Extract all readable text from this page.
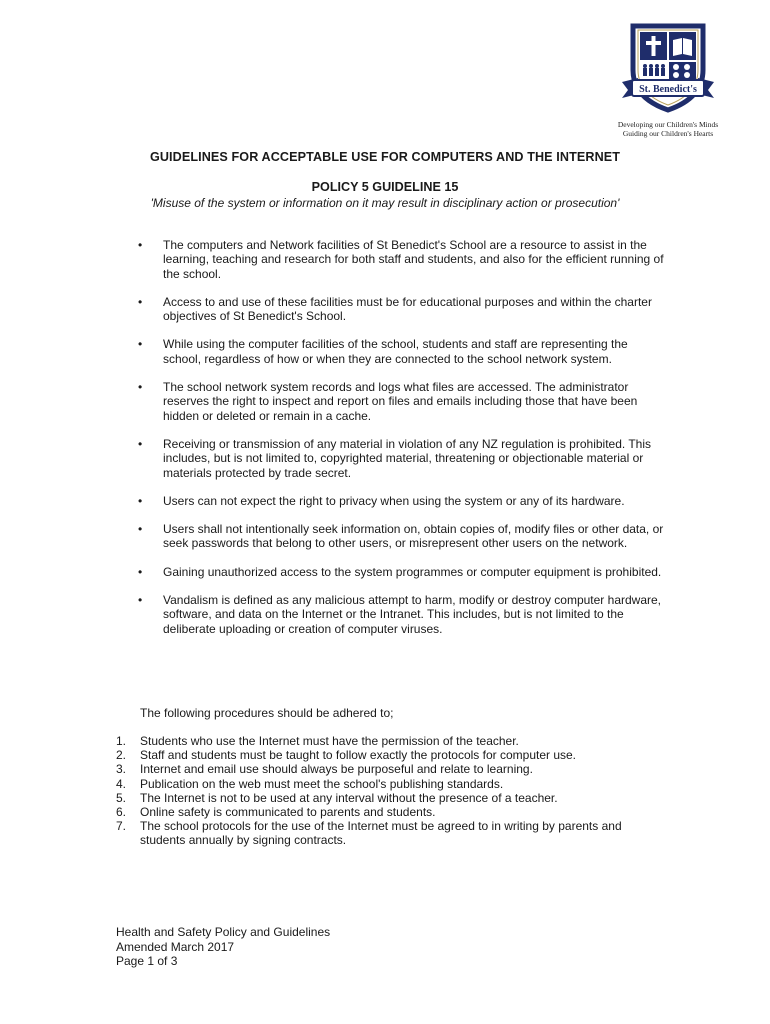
St. Benedict's
Developing our Children's Minds
Guiding our Children's Hearts
GUIDELINES FOR ACCEPTABLE USE FOR COMPUTERS AND THE INTERNET
POLICY 5 GUIDELINE 15
'Misuse of the system or information on it may result in disciplinary action or prosecution'
• The computers and Network facilities of St Benedict's School are a resource to assist in the learning, teaching and research for both staff and students, and also for the efficient running of the school.
• Access to and use of these facilities must be for educational purposes and within the charter objectives of St Benedict's School.
• While using the computer facilities of the school, students and staff are representing the school, regardless of how or when they are connected to the school network system.
• The school network system records and logs what files are accessed. The administrator reserves the right to inspect and report on files and emails including those that have been hidden or deleted or remain in a cache.
• Receiving or transmission of any material in violation of any NZ regulation is prohibited. This includes, but is not limited to, copyrighted material, threatening or objectionable material or materials protected by trade secret.
• Users can not expect the right to privacy when using the system or any of its hardware.
• Users shall not intentionally seek information on, obtain copies of, modify files or other data, or seek passwords that belong to other users, or misrepresent other users on the network.
• Gaining unauthorized access to the system programmes or computer equipment is prohibited.
• Vandalism is defined as any malicious attempt to harm, modify or destroy computer hardware, software, and data on the Internet or the Intranet. This includes, but is not limited to the deliberate uploading or creation of computer viruses.
The following procedures should be adhered to;
1. Students who use the Internet must have the permission of the teacher.
2. Staff and students must be taught to follow exactly the protocols for computer use.
3. Internet and email use should always be purposeful and relate to learning.
4. Publication on the web must meet the school's publishing standards.
5. The Internet is not to be used at any interval without the presence of a teacher.
6. Online safety is communicated to parents and students.
7. The school protocols for the use of the Internet must be agreed to in writing by parents and students annually by signing contracts.
Health and Safety Policy and Guidelines
Amended March 2017
Page 1 of 3
